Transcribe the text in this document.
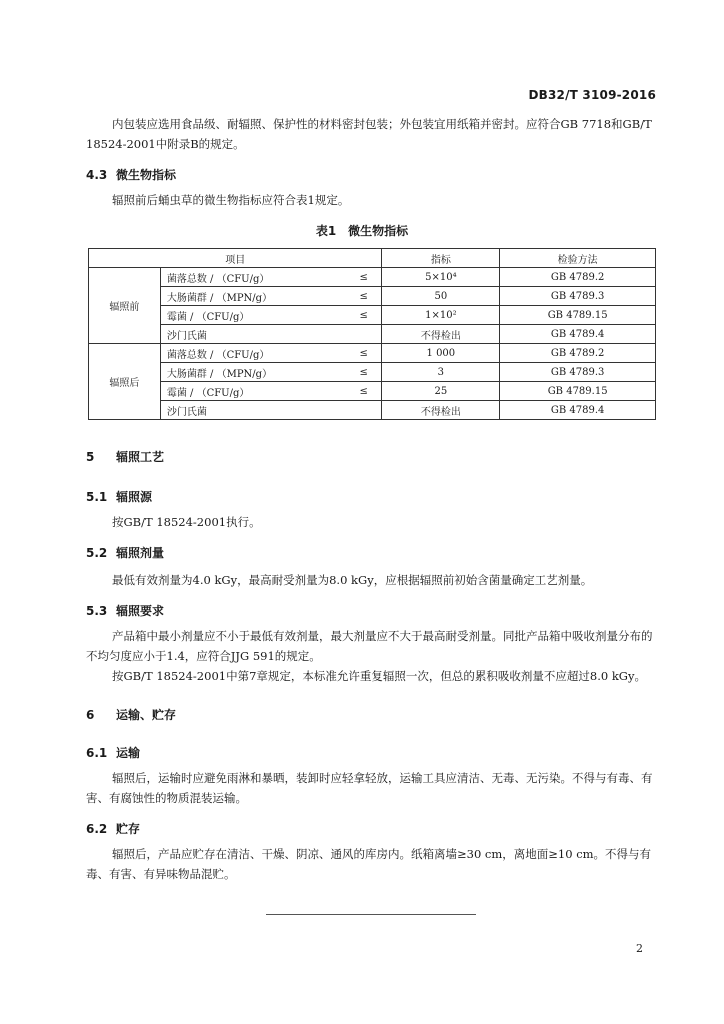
DB32/T 3109-2016
内包装应选用食品级、耐辐照、保护性的材料密封包装；外包装宜用纸箱并密封。应符合GB 7718和GB/T 18524-2001中附录B的规定。
4.3 微生物指标
辐照前后蛹虫草的微生物指标应符合表1规定。
表1 微生物指标
项目			指标	检验方法
辐照前	菌落总数 / （CFU/g）	≤	5×10⁴	GB 4789.2
	大肠菌群 / （MPN/g）	≤	50	GB 4789.3
	霉菌 / （CFU/g）	≤	1×10²	GB 4789.15
	沙门氏菌		不得检出	GB 4789.4
辐照后	菌落总数 / （CFU/g）	≤	1 000	GB 4789.2
	大肠菌群 / （MPN/g）	≤	3	GB 4789.3
	霉菌 / （CFU/g）	≤	25	GB 4789.15
	沙门氏菌		不得检出	GB 4789.4
5 辐照工艺
5.1 辐照源
按GB/T 18524-2001执行。
5.2 辐照剂量
最低有效剂量为4.0 kGy，最高耐受剂量为8.0 kGy，应根据辐照前初始含菌量确定工艺剂量。
5.3 辐照要求
产品箱中最小剂量应不小于最低有效剂量，最大剂量应不大于最高耐受剂量。同批产品箱中吸收剂量分布的不均匀度应小于1.4，应符合JJG 591的规定。
按GB/T 18524-2001中第7章规定，本标准允许重复辐照一次，但总的累积吸收剂量不应超过8.0 kGy。
6 运输、贮存
6.1 运输
辐照后，运输时应避免雨淋和暴晒，装卸时应轻拿轻放，运输工具应清洁、无毒、无污染。不得与有毒、有害、有腐蚀性的物质混装运输。
6.2 贮存
辐照后，产品应贮存在清洁、干燥、阴凉、通风的库房内。纸箱离墙≥30 cm，离地面≥10 cm。不得与有毒、有害、有异味物品混贮。
2
